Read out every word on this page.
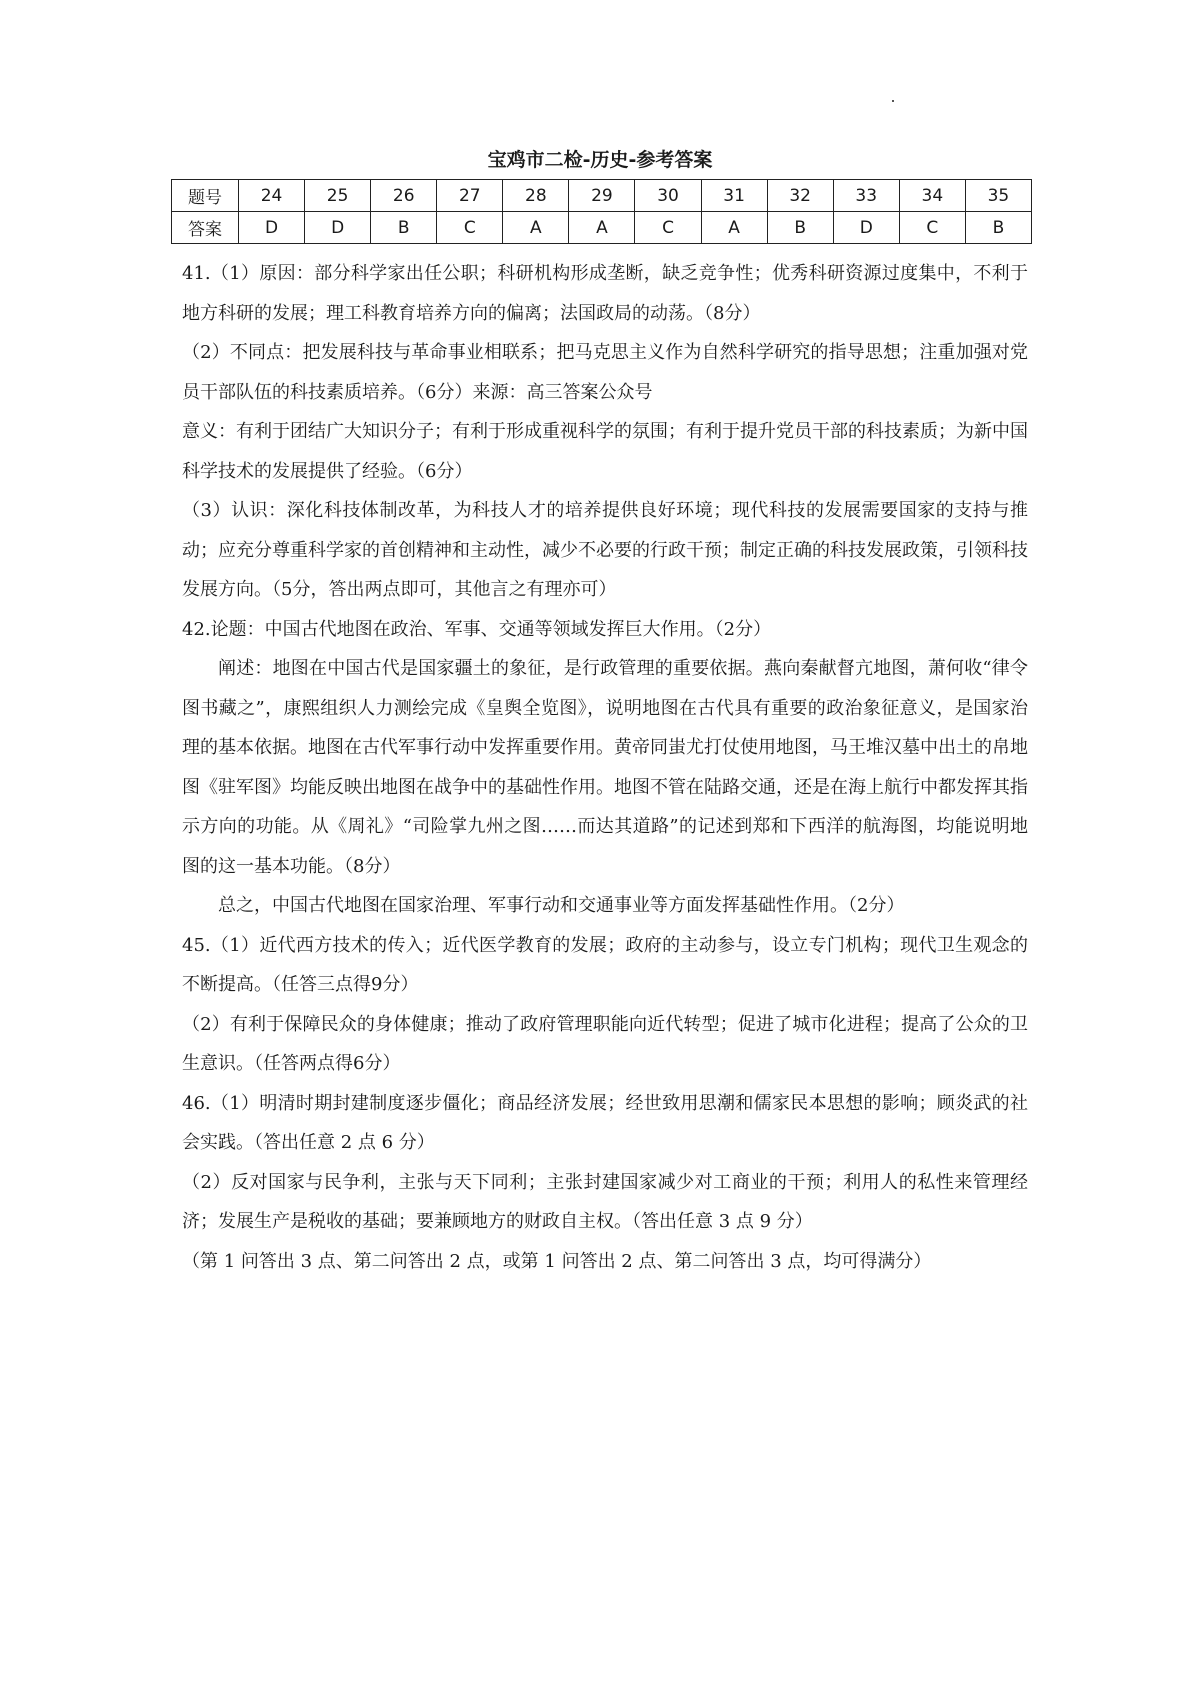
宝鸡市二检-历史-参考答案
题号	24	25	26	27	28	29	30	31	32	33	34	35
答案	D	D	B	C	A	A	C	A	B	D	C	B

41.（1）原因：部分科学家出任公职；科研机构形成垄断，缺乏竞争性；优秀科研资源过度集中，不利于地方科研的发展；理工科教育培养方向的偏离；法国政局的动荡。（8分）

（2）不同点：把发展科技与革命事业相联系；把马克思主义作为自然科学研究的指导思想；注重加强对党员干部队伍的科技素质培养。（6分）来源：高三答案公众号

意义：有利于团结广大知识分子；有利于形成重视科学的氛围；有利于提升党员干部的科技素质；为新中国科学技术的发展提供了经验。（6分）

（3）认识：深化科技体制改革，为科技人才的培养提供良好环境；现代科技的发展需要国家的支持与推动；应充分尊重科学家的首创精神和主动性，减少不必要的行政干预；制定正确的科技发展政策，引领科技发展方向。（5分，答出两点即可，其他言之有理亦可）

42.论题：中国古代地图在政治、军事、交通等领域发挥巨大作用。（2分）

阐述：地图在中国古代是国家疆土的象征，是行政管理的重要依据。燕向秦献督亢地图，萧何收“律令图书藏之”，康熙组织人力测绘完成《皇舆全览图》，说明地图在古代具有重要的政治象征意义，是国家治理的基本依据。地图在古代军事行动中发挥重要作用。黄帝同蚩尤打仗使用地图，马王堆汉墓中出土的帛地图《驻军图》均能反映出地图在战争中的基础性作用。地图不管在陆路交通，还是在海上航行中都发挥其指示方向的功能。从《周礼》“司险掌九州之图……而达其道路”的记述到郑和下西洋的航海图，均能说明地图的这一基本功能。（8分）

总之，中国古代地图在国家治理、军事行动和交通事业等方面发挥基础性作用。（2分）

45.（1）近代西方技术的传入；近代医学教育的发展；政府的主动参与，设立专门机构；现代卫生观念的不断提高。（任答三点得9分）

（2）有利于保障民众的身体健康；推动了政府管理职能向近代转型；促进了城市化进程；提高了公众的卫生意识。（任答两点得6分）

46.（1）明清时期封建制度逐步僵化；商品经济发展；经世致用思潮和儒家民本思想的影响；顾炎武的社会实践。（答出任意 2 点 6 分）

（2）反对国家与民争利，主张与天下同利；主张封建国家减少对工商业的干预；利用人的私性来管理经济；发展生产是税收的基础；要兼顾地方的财政自主权。（答出任意 3 点 9 分）

（第 1 问答出 3 点、第二问答出 2 点，或第 1 问答出 2 点、第二问答出 3 点，均可得满分）
